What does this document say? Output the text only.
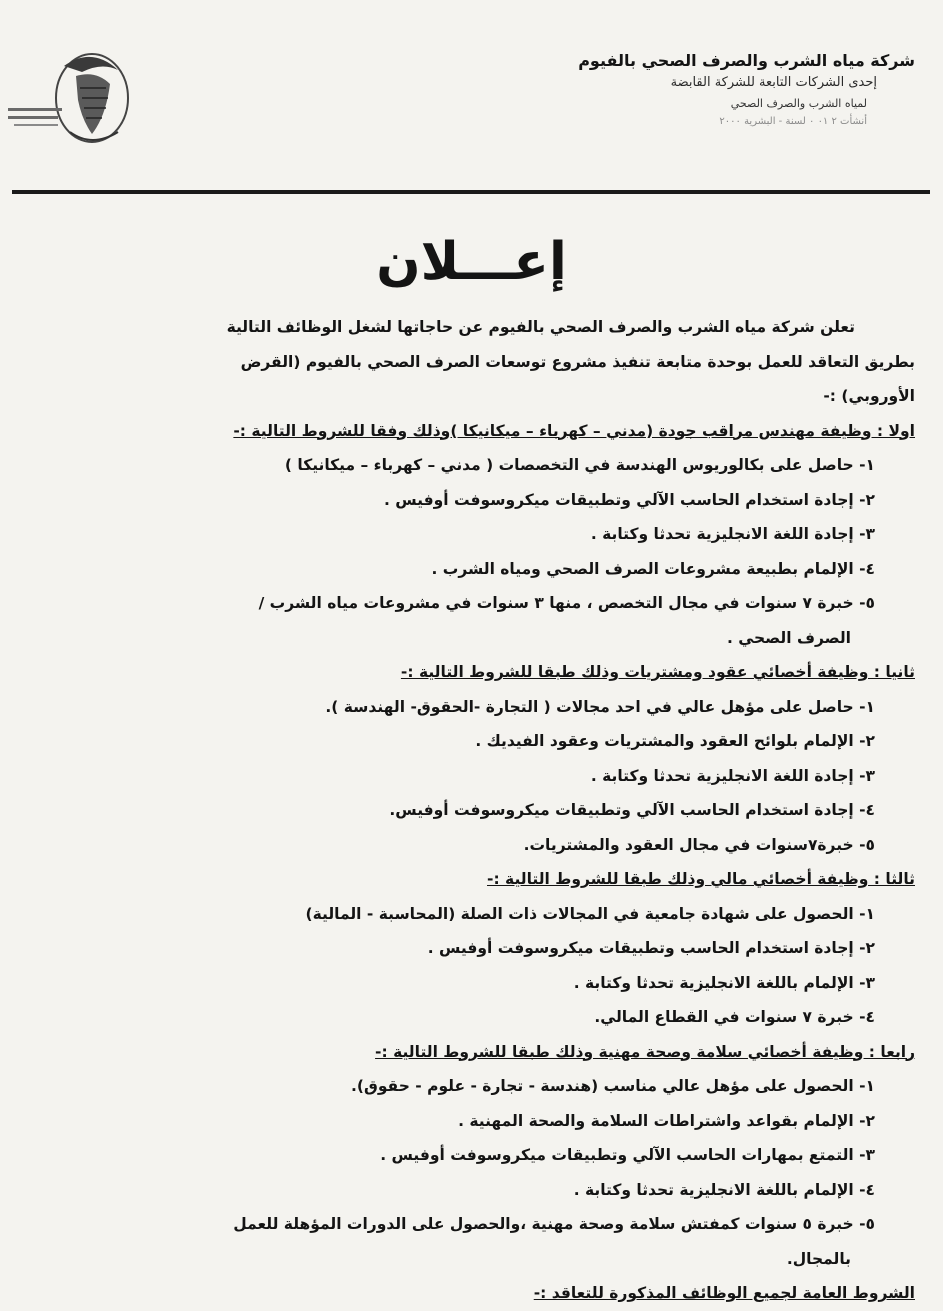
شركة مياه الشرب والصرف الصحي بالفيوم
إحدى الشركات التابعة للشركة القابضة
لمياه الشرب والصرف الصحي
أنشأت ٢ ٠١ ٠ لسنة - البشرية ٢٠٠٠
إعـــلان

تعلن شركة مياه الشرب والصرف الصحي بالفيوم عن حاجاتها لشغل الوظائف التالية

بطريق التعاقد للعمل بوحدة متابعة تنفيذ مشروع توسعات الصرف الصحي بالفيوم (القرض

الأوروبي) :-

اولا : وظيفة مهندس مراقب جودة (مدني – كهرباء – ميكانيكا )وذلك وفقا للشروط التالية :-

١- حاصل على بكالوريوس الهندسة في التخصصات ( مدني – كهرباء – ميكانيكا )
٢- إجادة استخدام الحاسب الآلي وتطبيقات ميكروسوفت أوفيس .
٣- إجادة اللغة الانجليزية تحدثا وكتابة .
٤- الإلمام بطبيعة مشروعات الصرف الصحي ومياه الشرب .
٥- خبرة ٧ سنوات في مجال التخصص ، منها ٣ سنوات في مشروعات مياه الشرب /
الصرف الصحي .

ثانيا : وظيفة أخصائي عقود ومشتريات وذلك طبقا للشروط التالية :-

١- حاصل على مؤهل عالي في احد مجالات ( التجارة -الحقوق- الهندسة ).
٢- الإلمام بلوائح العقود والمشتريات وعقود الفيديك .
٣- إجادة اللغة الانجليزية تحدثا وكتابة .
٤- إجادة استخدام الحاسب الآلي وتطبيقات ميكروسوفت أوفيس.
٥- خبرة٧سنوات في مجال العقود والمشتريات.

ثالثا : وظيفة أخصائي مالي وذلك طبقا للشروط التالية :-

١- الحصول على شهادة جامعية في المجالات ذات الصلة (المحاسبة - المالية)
٢- إجادة استخدام الحاسب وتطبيقات ميكروسوفت أوفيس .
٣- الإلمام باللغة الانجليزية تحدثا وكتابة .
٤- خبرة ٧ سنوات في القطاع المالي.

رابعا : وظيفة أخصائي سلامة وصحة مهنية وذلك طبقا للشروط التالية :-

١- الحصول على مؤهل عالي مناسب (هندسة - تجارة - علوم - حقوق).
٢- الإلمام بقواعد واشتراطات السلامة والصحة المهنية .
٣- التمتع بمهارات الحاسب الآلي وتطبيقات ميكروسوفت أوفيس .
٤- الإلمام باللغة الانجليزية تحدثا وكتابة .
٥- خبرة ٥ سنوات كمفتش سلامة وصحة مهنية ،والحصول على الدورات المؤهلة للعمل
بالمجال.

الشروط العامة لجميع الوظائف المذكورة للتعاقد :-
